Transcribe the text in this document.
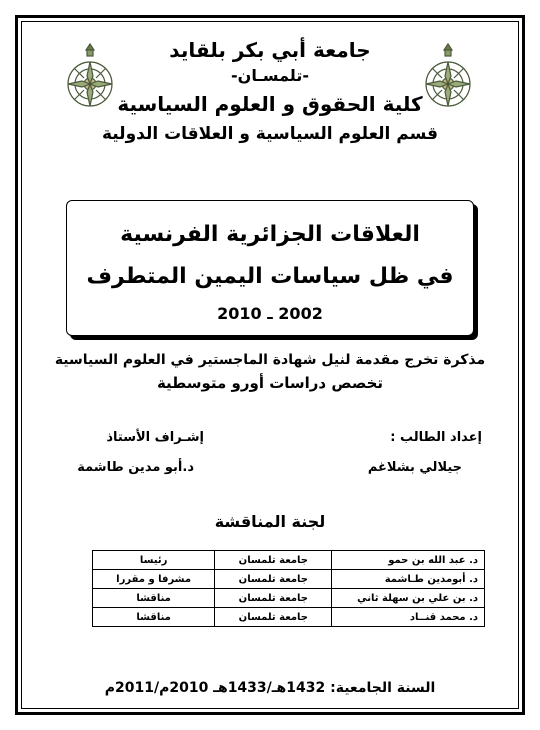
جامعة أبي بكر بلقايد
-تلمسـان-
كلية الحقوق و العلوم السياسية
قسم العلوم السياسية و العلاقات الدولية
العلاقات الجزائرية الفرنسية
في ظل سياسات اليمين المتطرف
2002 ـ 2010
مذكرة تخرج مقدمة لنيل شهادة الماجستير في العلوم السياسية
تخصص دراسات أورو متوسطية
إعداد الطالب :
جيلالي بشلاغم
إشـراف الأستاذ
د.أبو مدين طاشمة
لجنة المناقشة
د. عبد الله بن حمو	جامعة تلمسان	رئيسا
د. أبومدين طـاشمة	جامعة تلمسان	مشرفا و مقررا
د. بن علي بن سهلة ثاني	جامعة تلمسان	مناقشا
د. محمد قنــاد	جامعة تلمسان	مناقشا
السنة الجامعية: 1432هـ/1433هـ 2010م/2011م
